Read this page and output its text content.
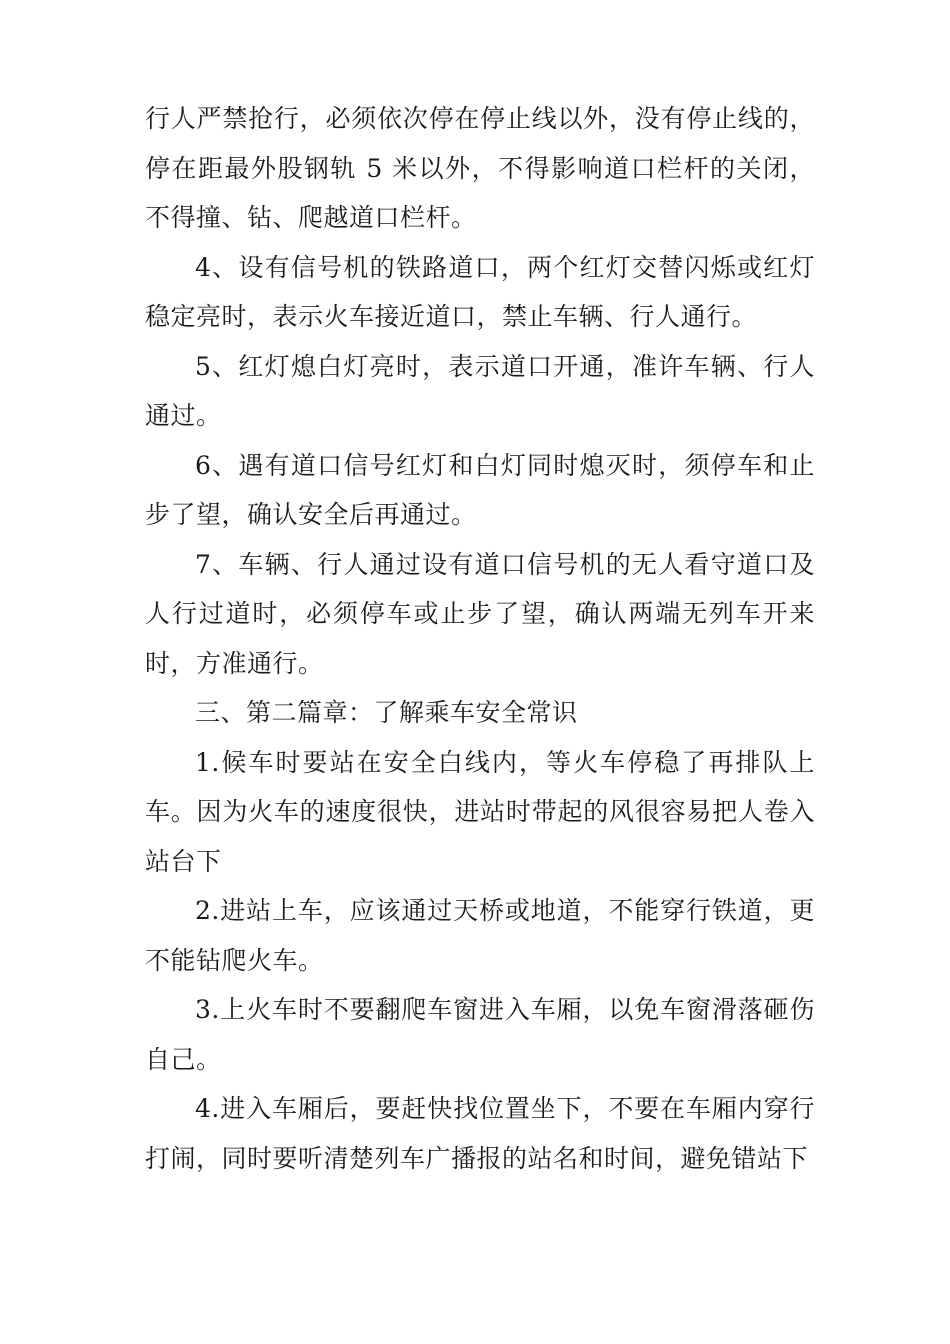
行人严禁抢行，必须依次停在停止线以外，没有停止线的，停在距最外股钢轨 5 米以外，不得影响道口栏杆的关闭，不得撞、钻、爬越道口栏杆。

4、设有信号机的铁路道口，两个红灯交替闪烁或红灯稳定亮时，表示火车接近道口，禁止车辆、行人通行。

5、红灯熄白灯亮时，表示道口开通，准许车辆、行人通过。

6、遇有道口信号红灯和白灯同时熄灭时，须停车和止步了望，确认安全后再通过。

7、车辆、行人通过设有道口信号机的无人看守道口及人行过道时，必须停车或止步了望，确认两端无列车开来时，方准通行。

三、第二篇章：了解乘车安全常识

1.候车时要站在安全白线内，等火车停稳了再排队上车。因为火车的速度很快，进站时带起的风很容易把人卷入站台下

2.进站上车，应该通过天桥或地道，不能穿行铁道，更不能钻爬火车。

3.上火车时不要翻爬车窗进入车厢，以免车窗滑落砸伤自己。

4.进入车厢后，要赶快找位置坐下，不要在车厢内穿行打闹，同时要听清楚列车广播报的站名和时间，避免错站下
